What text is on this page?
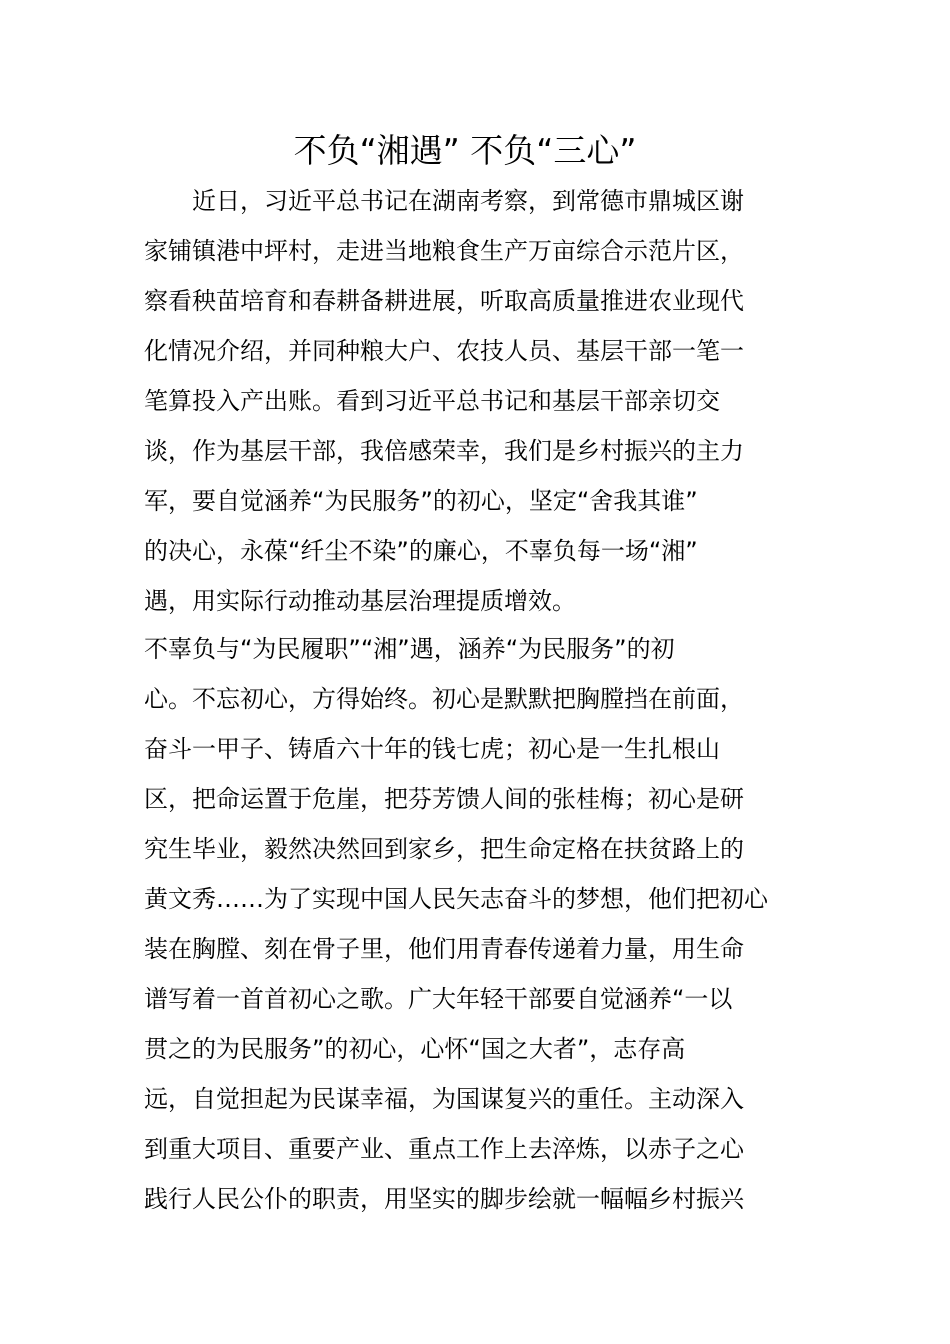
不负“湘遇” 不负“三心”
　　近日，习近平总书记在湖南考察，到常德市鼎城区谢
家铺镇港中坪村，走进当地粮食生产万亩综合示范片区，
察看秧苗培育和春耕备耕进展，听取高质量推进农业现代
化情况介绍，并同种粮大户、农技人员、基层干部一笔一
笔算投入产出账。看到习近平总书记和基层干部亲切交
谈，作为基层干部，我倍感荣幸，我们是乡村振兴的主力
军，要自觉涵养“为民服务”的初心，坚定“舍我其谁”
的决心，永葆“纤尘不染”的廉心，不辜负每一场“湘”
遇，用实际行动推动基层治理提质增效。
不辜负与“为民履职”“湘”遇，涵养“为民服务”的初
心。不忘初心，方得始终。初心是默默把胸膛挡在前面，
奋斗一甲子、铸盾六十年的钱七虎；初心是一生扎根山
区，把命运置于危崖，把芬芳馈人间的张桂梅；初心是研
究生毕业，毅然决然回到家乡，把生命定格在扶贫路上的
黄文秀……为了实现中国人民矢志奋斗的梦想，他们把初心
装在胸膛、刻在骨子里，他们用青春传递着力量，用生命
谱写着一首首初心之歌。广大年轻干部要自觉涵养“一以
贯之的为民服务”的初心，心怀“国之大者”，志存高
远，自觉担起为民谋幸福，为国谋复兴的重任。主动深入
到重大项目、重要产业、重点工作上去淬炼，以赤子之心
践行人民公仆的职责，用坚实的脚步绘就一幅幅乡村振兴
